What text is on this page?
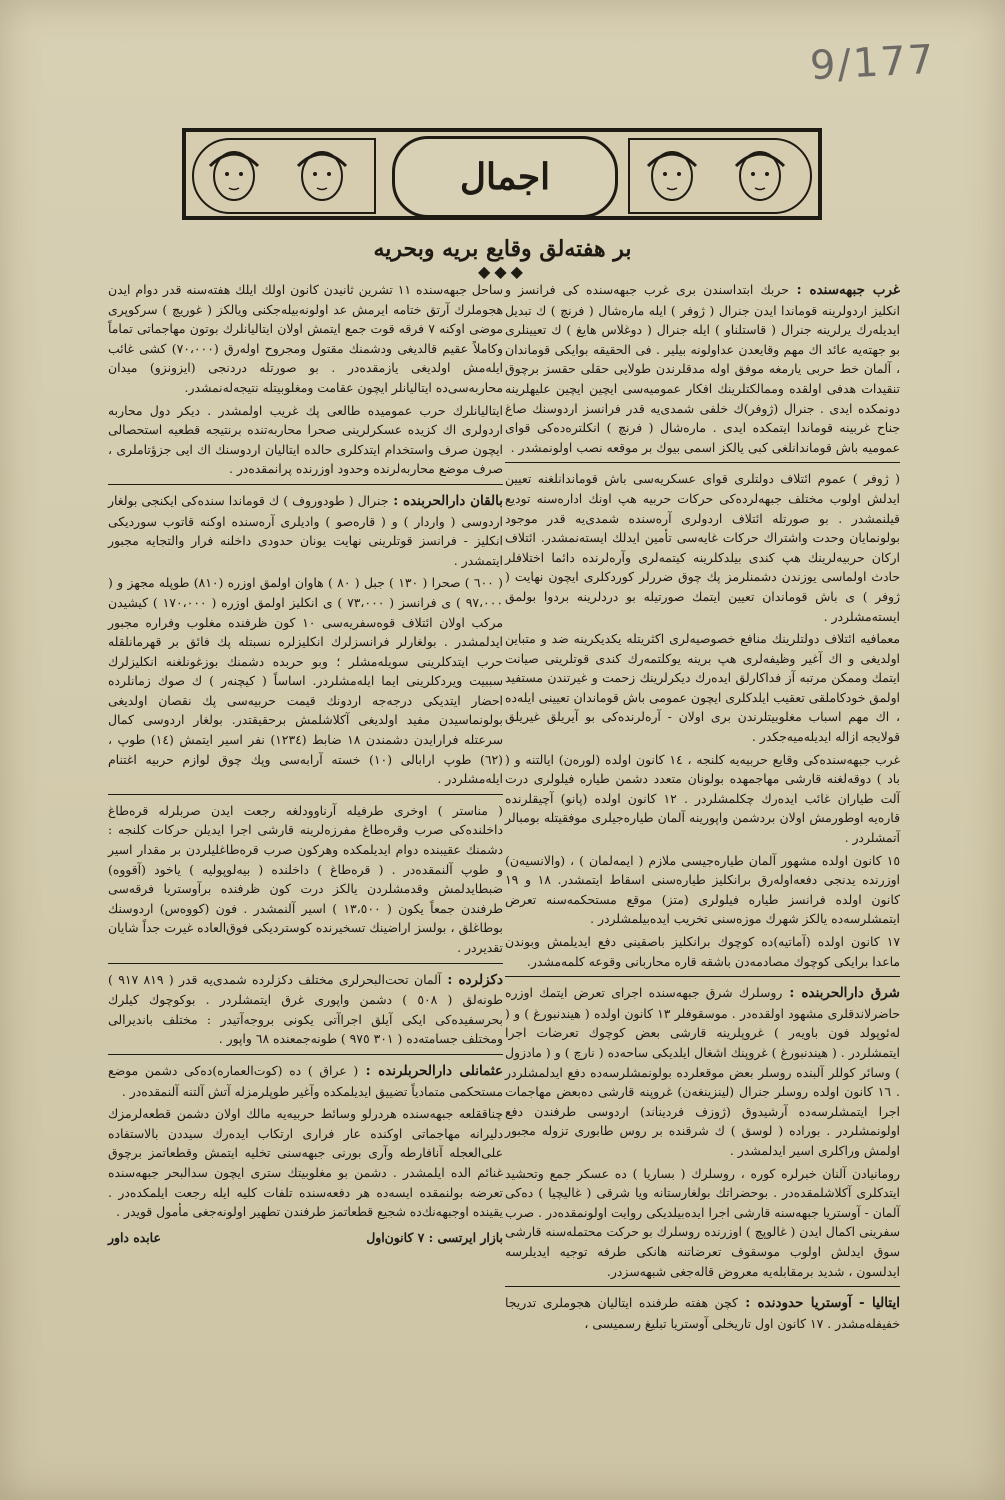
9/177
اجمال
بر هفته‌لق وقایع بریه وبحریه
◆◆◆

غرب جبهه‌سنده : حربك ابتداسندن بری غرب جبهه‌سنده كی فرانسز و انكلیز اردولرینه قوماندا ایدن جنرال ( ژوفر ) ایله مارەشال ( فرنچ ) ك تبدیل ایدیلەرك یرلرینه جنرال ( قاستلناو ) ایله جنرال ( دوغلاس هایغ ) ك تعیینلری بو جهتەیه عائد اك مهم وقایعدن عداولونه بیلیر . فی الحقیقه بوایكی قوماندان ، آلمان خط حربی یارمغه موفق اوله مدقلرندن طولایی حقلی حقسز برچوق تنقیدات هدفی اولقده وممالكتلرینك افكار عمومیه‌سی ایچین ایچین علیهلرینه دونمكده ایدی . جنرال (ژوفر)ك خلفی شمدی‌یه قدر فرانسز اردوسنك صاغ جناح غربینه قوماندا ایتمكده ایدی . مارەشال ( فرنچ ) انكلتره‌ده‌كی قوای عمومیه باش قوماندانلغی كبی یالكز اسمی بیوك بر موقعه نصب اولونمشدر .

( ژوفر ) عموم ائتلاف دولتلری قوای عسكریه‌سی باش قوماندانلغنه تعیین ایدلش اولوب مختلف جبهه‌لرده‌كی حركات حربیه هپ اونك اداره‌سنه تودیع قیلنمشدر . بو صورتله ائتلاف اردولری آره‌سنده شمدی‌یه قدر موجود بولونمایان وحدت واشتراك حركات غایه‌سی تأمین ایدلك ایستەنمشدر. ائتلاف اركان حربیه‌لرینك هپ كندی بیلدكلرینه كیتمه‌لری وآره‌لرنده دائما اختلافلر حادث اولماسی یوزندن دشمنلرمز پك چوق ضررلر كوردكلری ایچون نهایت ( ژوفر ) ی باش قوماندان تعیین ایتمك صورتیله بو دردلرینه بردوا بولمق ایسته‌مشلردر .

معمافیه ائتلاف دولتلرینك منافع خصوصیه‌لری اكثریتله یكدیكرینه ضد و متباین اولدیغی و اك آغیر وظیفه‌لری هپ برینه یوكلتمەرك كندی قوتلرینی صیانت ایتمك وممكن مرتبه آز فداكارلق ایدەرك دیكرلرینك زحمت و غیرتندن مستفید اولمق خودكاملقی تعقیب ایلدكلری ایچون عمومی باش قوماندان تعیینی ایله‌ده ، اك مهم اسباب مغلوبیتلرندن بری اولان - آره‌لرنده‌كی بو آیریلق غیریلق قولایجه ازاله ایدیله‌میه‌جكدر .

غرب جبهه‌سنده‌كی وقایع حربیه‌یه كلنجه ، ١٤ كانون اولده (لورەن) ایالتنه و ( باد ) دوقه‌لغنه قارشی مهاجمهده بولونان متعدد دشمن طیاره فیلولری درت آلت طیاران غائب ایدەرك چكلمشلردر . ١٢ كانون اولده (پانو) آچیقلرنده قارەیه اوطورمش اولان بردشمن واپورینه آلمان طیاره‌جیلری موفقیتله بومبالر آتمشلردر .

١٥ كانون اولده مشهور آلمان طیاره‌جیسی ملازم ( ایمەلمان ) ، (والانسیەن) اوزرنده یدنجی دفعه‌اوله‌رق برانكلیز طیاره‌سنی اسقاط ایتمشدر. ١٨ و ١٩ كانون اولده فرانسز طیاره فیلولری (متز) موقع مستحكمه‌سنه تعرض ایتمشلرسه‌ده یالكز شهرك موزه‌سنی تخریب ایده‌بیلمشلردر .

١٧ كانون اولده (آماتیه)ده كوچوك برانكلیز باصقینی دفع ایدیلمش وبوندن ماعدا برایكی كوچوك مصادمه‌دن باشقه قاره محاربانی وقوعه كلمەمشدر.

شرق دارالحربنده : روسلرك شرق جبهه‌سنده اجرای تعرض ایتمك اوزره حاضرلاندقلری مشهود اولقده‌در . موسقوفلر ١٣ كانون اولده ( هیندنبورغ ) و ( لەئوپولد فون باویەر ) غروپلرینه قارشی بعض كوچوك تعرضات اجرا ایتمشلردر . ( هیندنبورغ ) غروپنك اشغال ایلدیكی ساحه‌ده ( نارچ ) و ( مادزول ) وسائر كوللر آلبنده روسلر بعض موقعلرده بولونمشلرسه‌ده دفع ایدلمشلردر . ١٦ كانون اولده روسلر جنرال (لینزینغەن) غروپنه قارشی دەبعض مهاجمات اجرا ایتمشلرسه‌ده آرشیدوق (ژوزف فردیناند) اردوسی طرفندن دفع اولونمشلردر . بوراده ( لوسق ) ك شرقنده بر روس طابوری تزوله مجبور اولمش وراكلری اسیر ایدلمشدر .

رومانیادن آلنان خبرلره كوره ، روسلرك ( بساریا ) ده عسكر جمع وتحشید ایتدكلری آكلاشلمقده‌در . بوحضراتك بولغارستانه ویا شرقی ( غالیچیا ) ده‌كی آلمان - آوستریا جبهه‌سنه قارشی اجرا ایده‌بیلدیكی روایت اولونمقده‌در . صرب سفرینی اكمال ایدن ( غالوپچ ) اوزرنده روسلرك بو حركت محتمله‌سنه قارشی سوق ایدلش اولوب موسقوف تعرضاتنه هانكی طرفه توجیه ایدیلرسه ایدلسون ، شدید برمقابله‌یه معروض قاله‌جغی شبهه‌سزدر.

ایتالیا - آوستریا حدودنده : كچن هفته طرفنده ایتالیان هجوملری تدریجا خفیفله‌مشدر . ١٧ كانون اول تاریخلی آوستریا تبلیغ رسمیسی ،

ساحل جبهه‌سنده ١١ تشرین ثانیدن كانون اولك ایلك هفته‌سنه قدر دوام ایدن هجوملرك آرتق ختامه ایرمش عد اولونه‌بیله‌جكنی ویالكز ( غوریچ ) سركوپری موضی اوكنه ٧ فرقه قوت جمع ایتمش اولان ایتالیانلرك بوتون مهاجماتی تماماً وكاملاً عقیم قالدیغی ودشمنك مقتول ومجروح اولەرق (٧٠،٠٠٠) كشی غائب ایله‌مش اولدیغی یازمقده‌در . بو صورتله دردنجی (ایزونزو) میدان محاربه‌سی‌ده ایتالیانلر ایچون عقامت ومغلوبیتله نتیجه‌له‌نمشدر.

ایتالیانلرك حرب عمومیده طالعی پك غریب اولمشدر . دیكر دول محاربه اردولری اك كزیده عسكرلرینی صحرا محاربه‌تنده برنتیجه قطعیه استحصالی ایچون صرف واستخدام ایتدكلری حالده ایتالیان اردوسنك اك ایی جزؤتاملری ، صرف موضع محاربه‌لرنده وحدود اوزرنده پرانمقده‌در .

بالقان دارالحربنده : جنرال ( طودوروف ) ك قوماندا سنده‌كی ایكنجی بولغار اردوسی ( واردار ) و ( قاره‌صو ) وادیلری آره‌سنده اوكنه قاتوب سوردیكی انكلیز - فرانسز قوتلرینی نهایت یونان حدودی داخلنه فرار والتجایه مجبور ایتمشدر .

( ٦٠٠ ) صحرا ( ١٣٠ ) جبل ( ٨٠ ) هاوان اولمق اوزره (٨١٠) طوپله مجهز و ( ٩٧،٠٠٠ ) ی فرانسز ( ٧٣،٠٠٠ ) ی انكلیز اولمق اوزره ( ١٧٠،٠٠٠ ) كیشیدن مركب اولان ائتلاف قوه‌سفریه‌سی ١٠ كون ظرفنده مغلوب وفراره مجبور ایدلمشدر . بولغارلر فرانسزلرك انكلیزلره نسبتله پك فائق بر قهرمانلقله حرب ایتدكلرینی سویله‌مشلر ؛ وبو حربده دشمنك بوزغونلغنه انكلیزلرك سببیت ویردكلرینی ایما ایله‌مشلردر. اساساً ( كیچنەر ) ك صوك زمانلرده احضار ایتدیكی درجه‌جه اردونك قیمت حربیه‌سی پك نقصان اولدیغی بولونماسیدن مفید اولدیغی آكلاشلمش برحقیقتدر. بولغار اردوسی كمال سرعتله فرارایدن دشمندن ١٨ ضابط (١٢٣٤) نفر اسیر ایتمش (١٤) طوپ ، (٦٢) طوپ ارابالی (١٠) خسته آرابه‌سی وپك چوق لوازم حربیه اغتنام ایله‌مشلردر .

( مناستر ) اوخری طرفیله آرناوودلغه رجعت ایدن صربلرله قره‌طاغ داخلنده‌كی صرب وقره‌طاغ مفرزه‌لرینه قارشی اجرا ایدیلن حركات كلنجه : دشمنك عقیبنده دوام ایدیلمكده وهركون صرب قره‌طاغلیلردن بر مقدار اسیر و طوپ آلنمقده‌در . ( قره‌طاغ ) داخلنده ( بیه‌لوپولیه ) یاخود (آقووه) ضبطایدلمش وقدمشلردن یالكز درت كون ظرفنده برآوستریا فرقه‌سی طرفندن جمعاً یكون ( ١٣،٥٠٠ ) اسیر آلنمشدر . فون (كووەس) اردوسنك بوطاغلق ، بولسز اراضینك تسخیرنده كوستردیكی فوق‌العاده غیرت جداً شایان تقدیردر .

دكزلرده : آلمان تحت‌البحرلری مختلف دكزلرده شمدی‌یه قدر ( ٨١٩ ٩١٧ ) طونه‌لق ( ٥٠٨ ) دشمن واپوری غرق ایتمشلردر . بوكوچوك كیلرك بحرسفیده‌كی ایكی آیلق اجراآتی یكونی بروجه‌آتیدر : مختلف باندیرالی ومختلف جسامته‌ده ( ٣٠١ ٩٧٥ ) طونه‌جمعنده ٦٨ واپور .

عثمانلی دارالحربلرنده : ( عراق ) ده (كوت‌العماره)ده‌كی دشمن موضع مستحكمی متمادیاً تضییق ایدیلمكده وآغیر طوپلرمزله آتش آلتنه آلنمقده‌در .

چناققلعه جبهه‌سنده هردرلو وسائط حربیه‌یه مالك اولان دشمن قطعه‌لرمزك دلیرانه مهاجماتی اوكنده عار فراری ارتكاب ایدەرك سیددن بالاستفاده علی‌العجله آنافارطه وآری بورنی جبهه‌سنی تخلیه ایتمش وقطعاتمز برچوق غنائم الده ایلمشدر . دشمن بو مغلوبیتك ستری ایچون سدالبحر جبهه‌سنده تعرضه بولنمقده ایسه‌ده هر دفعه‌سنده تلفات كلیه ایله رجعت ایلمكده‌در . یقینده اوجبهه‌نك‌ده شجیع قطعاتمز طرفندن تطهیر اولونه‌جغی مأمول قویدر .

بازار ایرتسی : ٧ كانون‌اول
عابده داور
